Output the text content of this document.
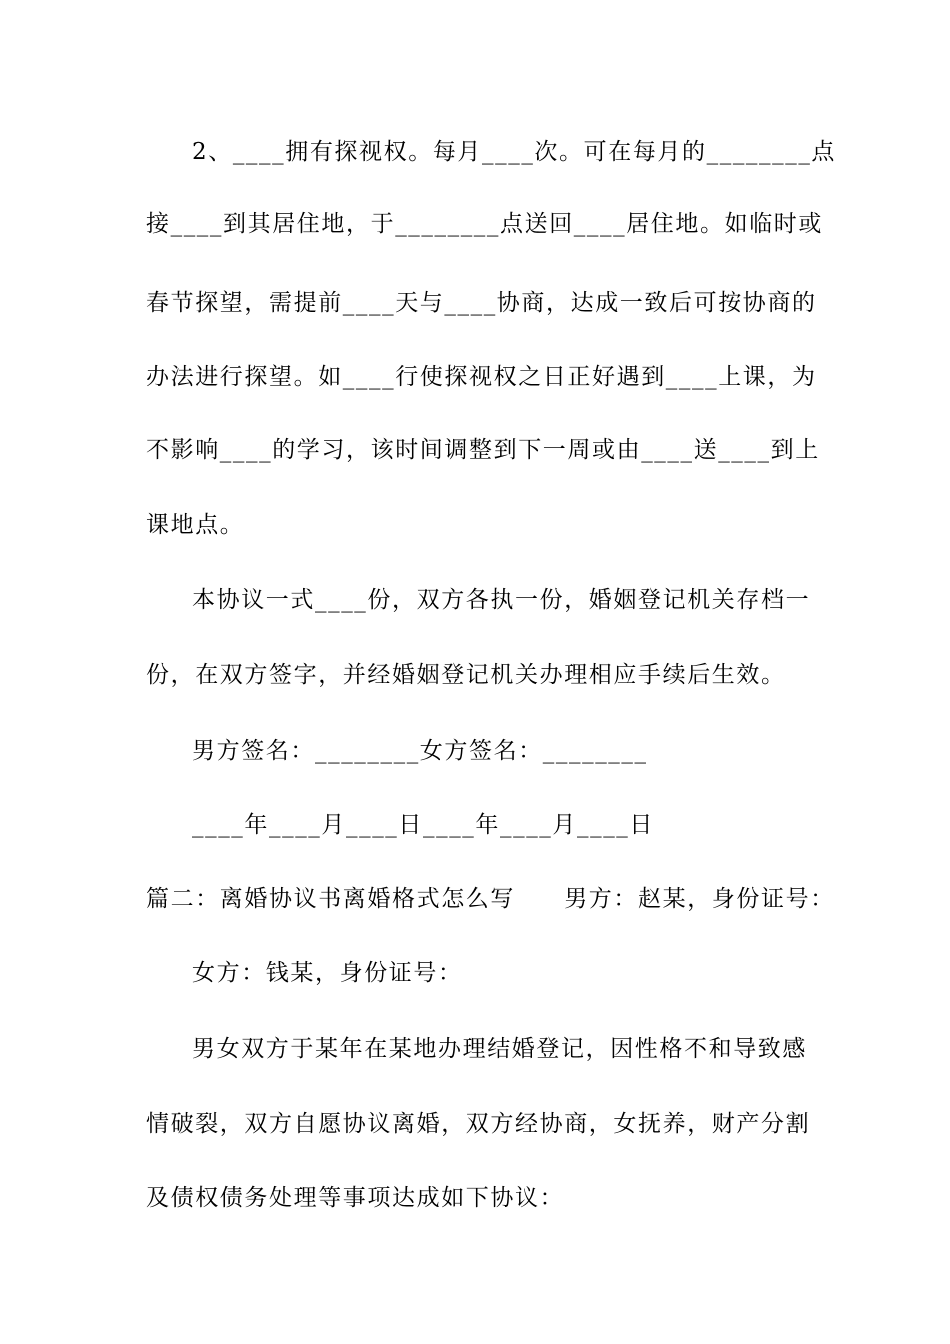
2、____拥有探视权。每月____次。可在每月的________点
接____到其居住地，于________点送回____居住地。如临时或
春节探望，需提前____天与____协商，达成一致后可按协商的
办法进行探望。如____行使探视权之日正好遇到____上课，为
不影响____的学习，该时间调整到下一周或由____送____到上
课地点。
本协议一式____份，双方各执一份，婚姻登记机关存档一
份，在双方签字，并经婚姻登记机关办理相应手续后生效。
男方签名：________女方签名：________
____年____月____日____年____月____日
篇二：离婚协议书离婚格式怎么写　　男方：赵某，身份证号：
女方：钱某，身份证号：
男女双方于某年在某地办理结婚登记，因性格不和导致感
情破裂，双方自愿协议离婚，双方经协商，女抚养，财产分割
及债权债务处理等事项达成如下协议：
